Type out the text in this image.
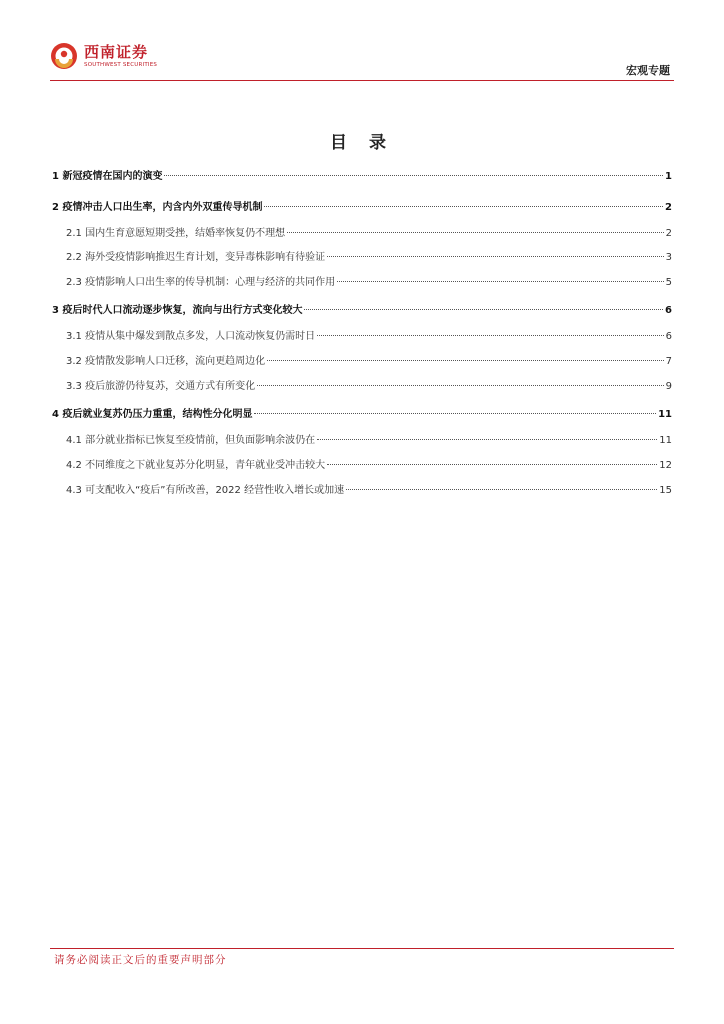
西南证券
SOUTHWEST SECURITIES	宏观专题
目 录
1 新冠疫情在国内的演变	1
2 疫情冲击人口出生率，内含内外双重传导机制	2
2.1 国内生育意愿短期受挫，结婚率恢复仍不理想	2
2.2 海外受疫情影响推迟生育计划，变异毒株影响有待验证	3
2.3 疫情影响人口出生率的传导机制：心理与经济的共同作用	5
3 疫后时代人口流动逐步恢复，流向与出行方式变化较大	6
3.1 疫情从集中爆发到散点多发，人口流动恢复仍需时日	6
3.2 疫情散发影响人口迁移，流向更趋周边化	7
3.3 疫后旅游仍待复苏，交通方式有所变化	9
4 疫后就业复苏仍压力重重，结构性分化明显	11
4.1 部分就业指标已恢复至疫情前，但负面影响余波仍在	11
4.2 不同维度之下就业复苏分化明显，青年就业受冲击较大	12
4.3 可支配收入“疫后”有所改善，2022 经营性收入增长或加速	15
请务必阅读正文后的重要声明部分
